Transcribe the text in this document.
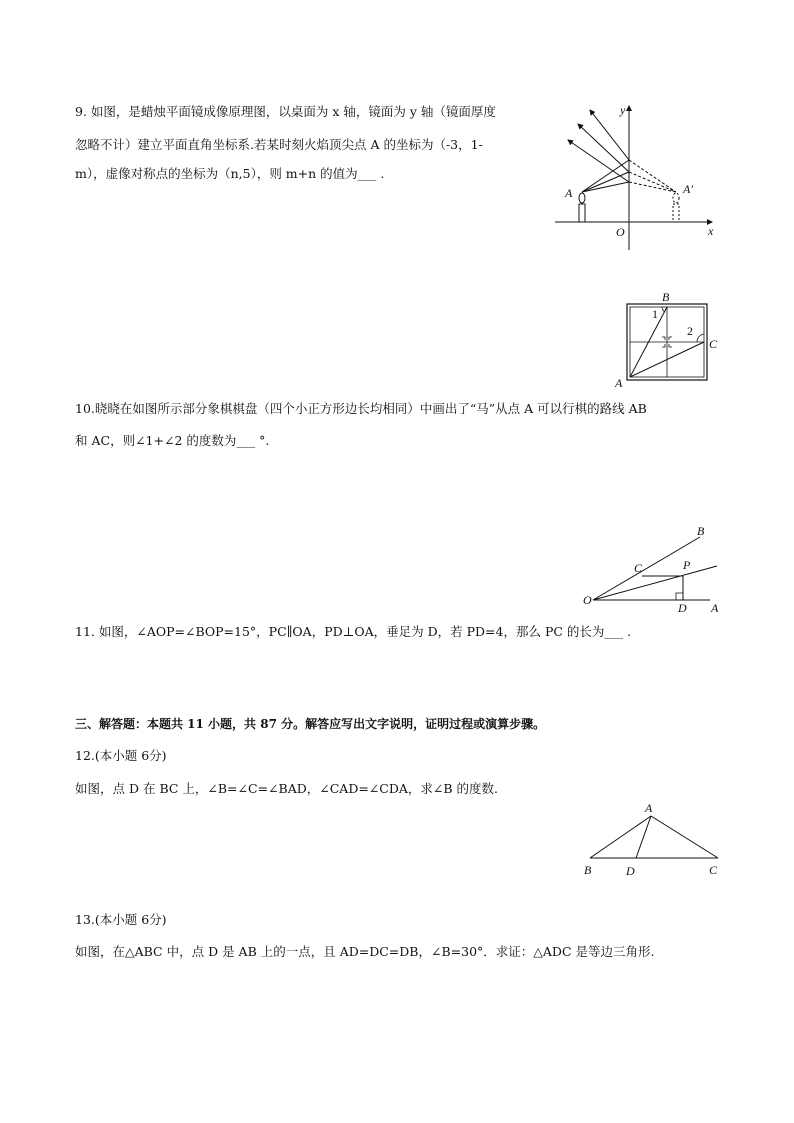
9. 如图，是蜡烛平面镜成像原理图，以桌面为 x 轴，镜面为 y 轴（镜面厚度
忽略不计）建立平面直角坐标系.若某时刻火焰顶尖点 A 的坐标为（-3，1-
m），虚像对称点的坐标为（n,5），则 m+n 的值为___ .
y
x
O
A	A′
B
C
A
1
2
10.晓晓在如图所示部分象棋棋盘（四个小正方形边长均相同）中画出了“马”从点 A 可以行棋的路线 AB
和 AC，则∠1+∠2 的度数为___ °.
B
C	P
O
D A
11. 如图，∠AOP=∠BOP=15°，PC∥OA，PD⊥OA，垂足为 D，若 PD=4，那么 PC 的长为___ .
三、解答题：本题共 11 小题，共 87 分。解答应写出文字说明，证明过程或演算步骤。
12.(本小题 6分)
如图，点 D 在 BC 上，∠B=∠C=∠BAD，∠CAD=∠CDA，求∠B 的度数.
A
B	D	C
13.(本小题 6分)
如图，在△ABC 中，点 D 是 AB 上的一点，且 AD=DC=DB，∠B=30°．求证：△ADC 是等边三角形.
